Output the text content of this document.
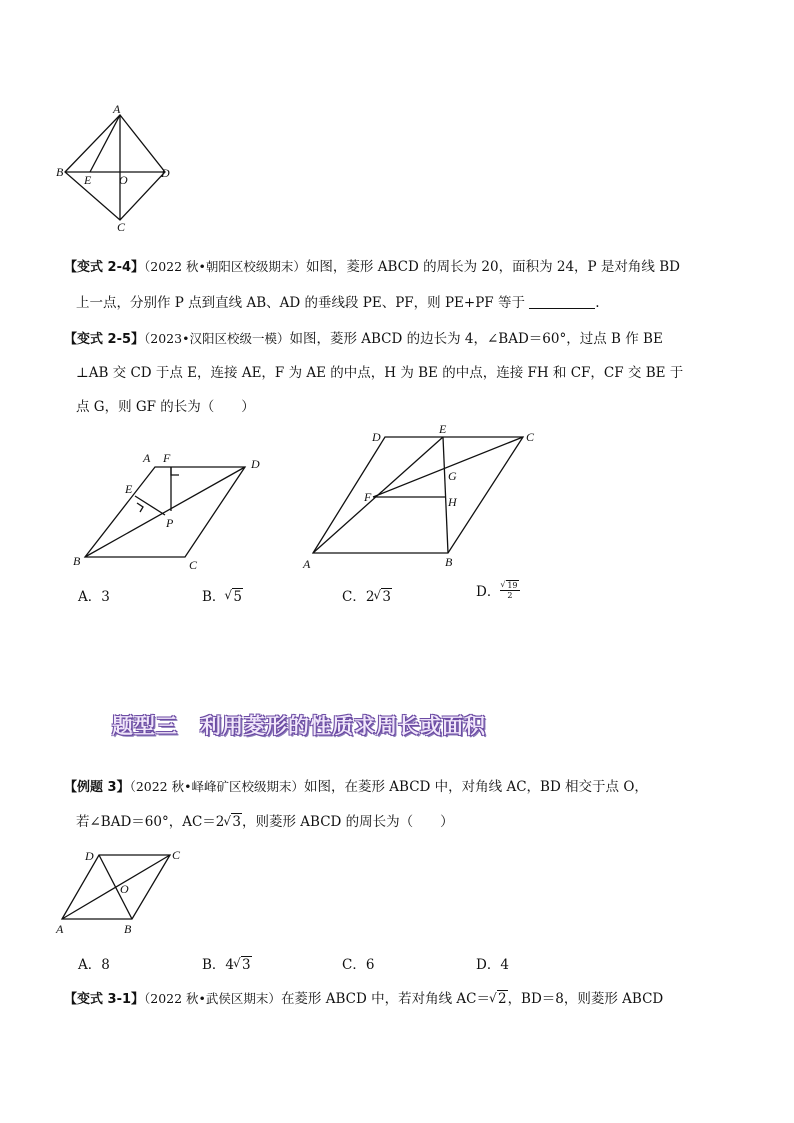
A
B
E O	D
C
【变式 2-4】（2022 秋•朝阳区校级期末）如图，菱形 ABCD 的周长为 20，面积为 24，P 是对角线 BD
上一点，分别作 P 点到直线 AB、AD 的垂线段 PE、PF，则 PE+PF 等于	.
【变式 2-5】（2023•汉阳区校级一模）如图，菱形 ABCD 的边长为 4，∠BAD＝60°，过点 B 作 BE
⊥AB 交 CD 于点 E，连接 AE，F 为 AE 的中点，H 为 BE 的中点，连接 FH 和 CF，CF 交 BE 于
点 G，则 GF 的长为（　　）
A F	D
E
P
B	C
D
E
C
G
F	H
A	B
A．3	B． √ 5	C．2 √ 3	D． √ $\frac{19}{2}$
题型三　利用菱形的性质求周长或面积
【例题 3】（2022 秋•峄峰矿区校级期末）如图，在菱形 ABCD 中，对角线 AC，BD 相交于点 O，
若∠BAD＝60°，AC＝2 √ 3，则菱形 ABCD 的周长为（　　）
D	C
O
A	B
A．8	B．4 √ 3	C．6	D．4
【变式 3-1】（2022 秋•武侯区期末）在菱形 ABCD 中，若对角线 AC＝ √ 2，BD＝8，则菱形 ABCD
